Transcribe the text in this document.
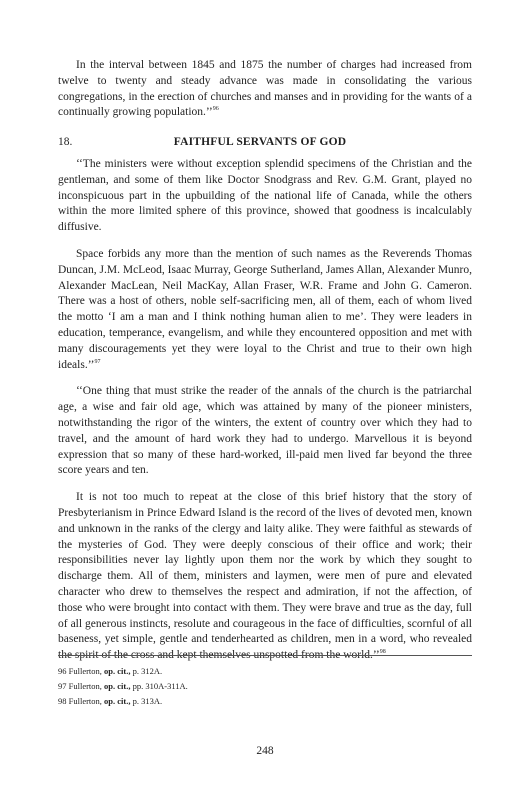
In the interval between 1845 and 1875 the number of charges had increased from twelve to twenty and steady advance was made in consolidating the various congregations, in the erection of churches and manses and in providing for the wants of a continually growing population.’’$^{96}$

18.	FAITHFUL SERVANTS OF GOD

‘‘The ministers were without exception splendid specimens of the Christian and the gentleman, and some of them like Doctor Snodgrass and Rev. G.M. Grant, played no inconspicuous part in the upbuilding of the national life of Canada, while the others within the more limited sphere of this province, showed that goodness is incalculably diffusive.

Space forbids any more than the mention of such names as the Reverends Thomas Duncan, J.M. McLeod, Isaac Murray, George Sutherland, James Allan, Alexander Munro, Alexander MacLean, Neil MacKay, Allan Fraser, W.R. Frame and John G. Cameron. There was a host of others, noble self-sacrificing men, all of them, each of whom lived the motto ‘I am a man and I think nothing human alien to me’. They were leaders in education, temperance, evangelism, and while they encountered opposition and met with many discouragements yet they were loyal to the Christ and true to their own high ideals.’’$^{97}$

‘‘One thing that must strike the reader of the annals of the church is the patriarchal age, a wise and fair old age, which was attained by many of the pioneer ministers, notwithstanding the rigor of the winters, the extent of country over which they had to travel, and the amount of hard work they had to undergo. Marvellous it is beyond expression that so many of these hard-worked, ill-paid men lived far beyond the three score years and ten.

It is not too much to repeat at the close of this brief history that the story of Presbyterianism in Prince Edward Island is the record of the lives of devoted men, known and unknown in the ranks of the clergy and laity alike. They were faithful as stewards of the mysteries of God. They were deeply conscious of their office and work; their responsibilities never lay lightly upon them nor the work by which they sought to discharge them. All of them, ministers and laymen, were men of pure and elevated character who drew to themselves the respect and admiration, if not the affection, of those who were brought into contact with them. They were brave and true as the day, full of all generous instincts, resolute and courageous in the face of difficulties, scornful of all baseness, yet simple, gentle and tenderhearted as children, men in a word, who revealed the spirit of the cross and kept themselves unspotted from the world.’’$^{98}$

96 Fullerton, op. cit., p. 312A.
97 Fullerton, op. cit., pp. 310A-311A.
98 Fullerton, op. cit., p. 313A.
248
